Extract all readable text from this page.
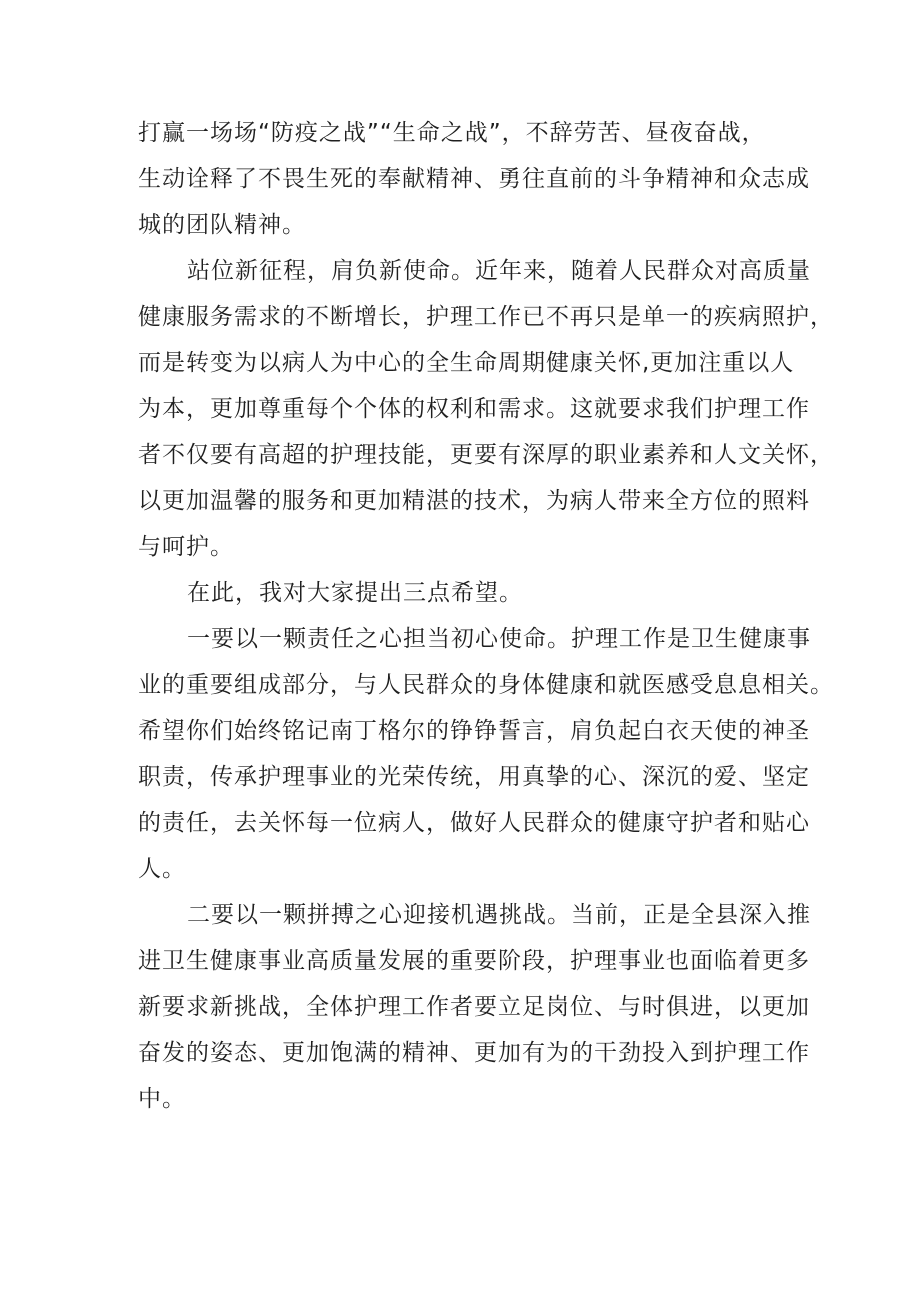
打赢一场场“防疫之战”“生命之战”，不辞劳苦、昼夜奋战，

生动诠释了不畏生死的奉献精神、勇往直前的斗争精神和众志成

城的团队精神。

站位新征程，肩负新使命。近年来，随着人民群众对高质量

健康服务需求的不断增长，护理工作已不再只是单一的疾病照护，

而是转变为以病人为中心的全生命周期健康关怀,更加注重以人

为本，更加尊重每个个体的权利和需求。这就要求我们护理工作

者不仅要有高超的护理技能，更要有深厚的职业素养和人文关怀，

以更加温馨的服务和更加精湛的技术，为病人带来全方位的照料

与呵护。

在此，我对大家提出三点希望。

一要以一颗责任之心担当初心使命。护理工作是卫生健康事

业的重要组成部分，与人民群众的身体健康和就医感受息息相关。

希望你们始终铭记南丁格尔的铮铮誓言，肩负起白衣天使的神圣

职责，传承护理事业的光荣传统，用真挚的心、深沉的爱、坚定

的责任，去关怀每一位病人，做好人民群众的健康守护者和贴心

人。

二要以一颗拼搏之心迎接机遇挑战。当前，正是全县深入推

进卫生健康事业高质量发展的重要阶段，护理事业也面临着更多

新要求新挑战，全体护理工作者要立足岗位、与时俱进，以更加

奋发的姿态、更加饱满的精神、更加有为的干劲投入到护理工作

中。
